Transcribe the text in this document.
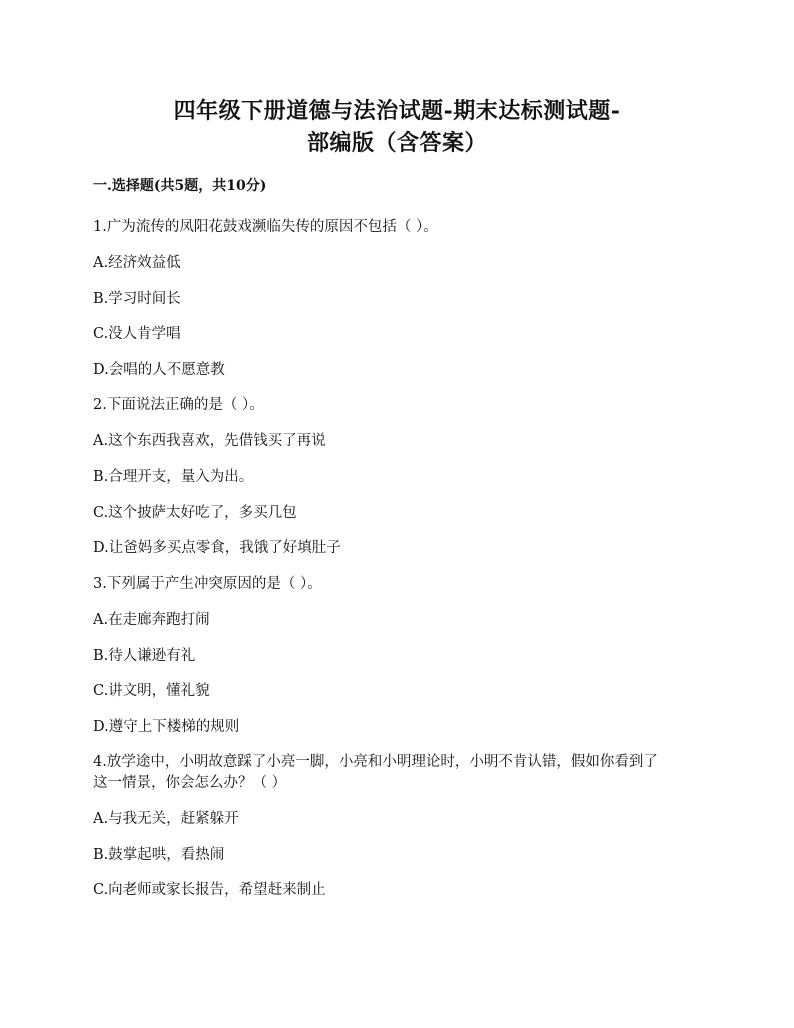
四年级下册道德与法治试题-期末达标测试题-
部编版（含答案）
一.选择题(共5题，共10分)
1.广为流传的凤阳花鼓戏濒临失传的原因不包括（ ）。
A.经济效益低
B.学习时间长
C.没人肯学唱
D.会唱的人不愿意教
2.下面说法正确的是（ ）。
A.这个东西我喜欢，先借钱买了再说
B.合理开支，量入为出。
C.这个披萨太好吃了，多买几包
D.让爸妈多买点零食，我饿了好填肚子
3.下列属于产生冲突原因的是（ ）。
A.在走廊奔跑打闹
B.待人谦逊有礼
C.讲文明，懂礼貌
D.遵守上下楼梯的规则
4.放学途中，小明故意踩了小亮一脚，小亮和小明理论时，小明不肯认错，假如你看到了
这一情景，你会怎么办？（ ）
A.与我无关，赶紧躲开
B.鼓掌起哄，看热闹
C.向老师或家长报告，希望赶来制止
